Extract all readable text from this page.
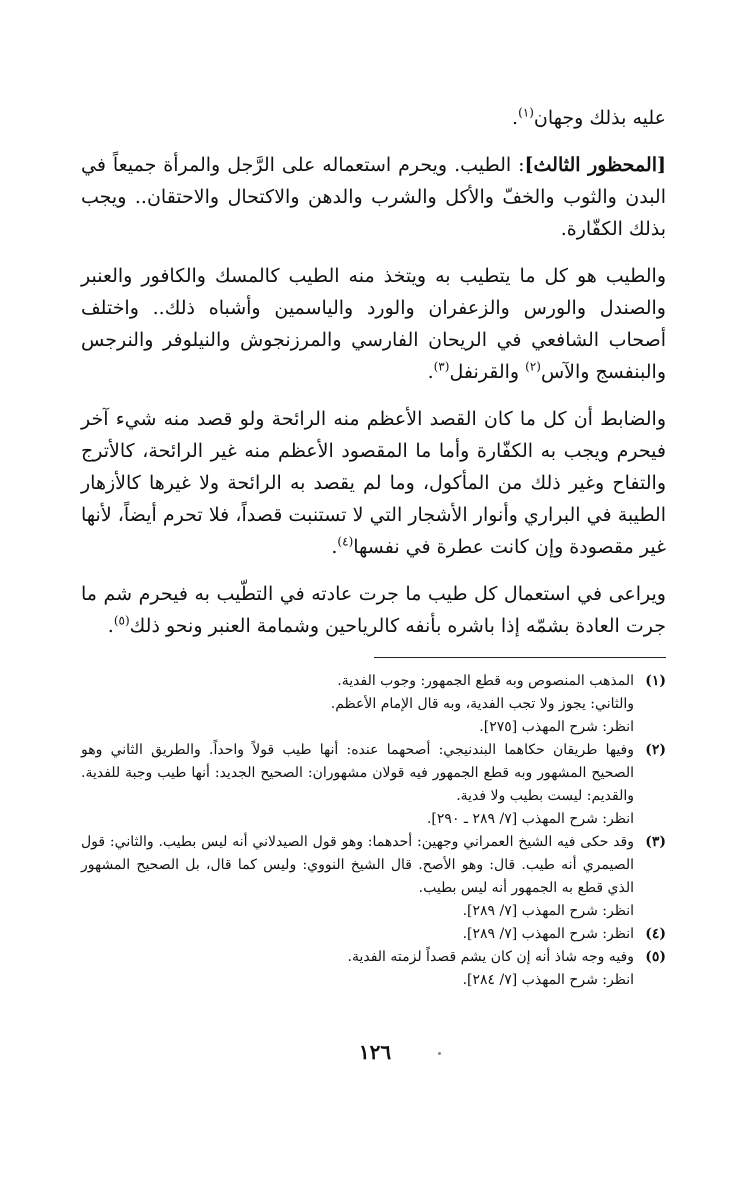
عليه بذلك وجهان$^{(١)}$.

[المحظور الثالث]: الطيب. ويحرم استعماله على الرَّجل والمرأة جميعاً في البدن والثوب والخفّ والأكل والشرب والدهن والاكتحال والاحتقان.. ويجب بذلك الكفّارة.

والطيب هو كل ما يتطيب به ويتخذ منه الطيب كالمسك والكافور والعنبر والصندل والورس والزعفران والورد والياسمين وأشباه ذلك.. واختلف أصحاب الشافعي في الريحان الفارسي والمرزنجوش والنيلوفر والنرجس والبنفسج والآس$^{(٢)}$ والقرنفل$^{(٣)}$.

والضابط أن كل ما كان القصد الأعظم منه الرائحة ولو قصد منه شيء آخر فيحرم ويجب به الكفّارة وأما ما المقصود الأعظم منه غير الرائحة، كالأترج والتفاح وغير ذلك من المأكول، وما لم يقصد به الرائحة ولا غيرها كالأزهار الطيبة في البراري وأنوار الأشجار التي لا تستنبت قصداً، فلا تحرم أيضاً، لأنها غير مقصودة وإن كانت عطرة في نفسها$^{(٤)}$.

ويراعى في استعمال كل طيب ما جرت عادته في التطّيب به فيحرم شم ما جرت العادة بشمّه إذا باشره بأنفه كالرياحين وشمامة العنبر ونحو ذلك$^{(٥)}$.

(١)
المذهب المنصوص وبه قطع الجمهور: وجوب الفدية.
والثاني: يجوز ولا تجب الفدية، وبه قال الإمام الأعظم.
انظر: شرح المهذب [٢٧٥].
(٢)
وفيها طريقان حكاهما البندنيجي: أصحهما عنده: أنها طيب قولاً واحداً. والطريق الثاني وهو الصحيح المشهور وبه قطع الجمهور فيه قولان مشهوران: الصحيح الجديد: أنها طيب وجبة للفدية. والقديم: ليست بطيب ولا فدية.
انظر: شرح المهذب [٧/ ٢٨٩ ـ ٢٩٠].
(٣)
وقد حكى فيه الشيخ العمراني وجهين: أحدهما: وهو قول الصيدلاني أنه ليس بطيب. والثاني: قول الصيمري أنه طيب. قال: وهو الأصح. قال الشيخ النووي: وليس كما قال، بل الصحيح المشهور الذي قطع به الجمهور أنه ليس بطيب.
انظر: شرح المهذب [٧/ ٢٨٩].
(٤)
انظر: شرح المهذب [٧/ ٢٨٩].
(٥)
وفيه وجه شاذ أنه إن كان يشم قصداً لزمته الفدية.
انظر: شرح المهذب [٧/ ٢٨٤].
١٢٦
